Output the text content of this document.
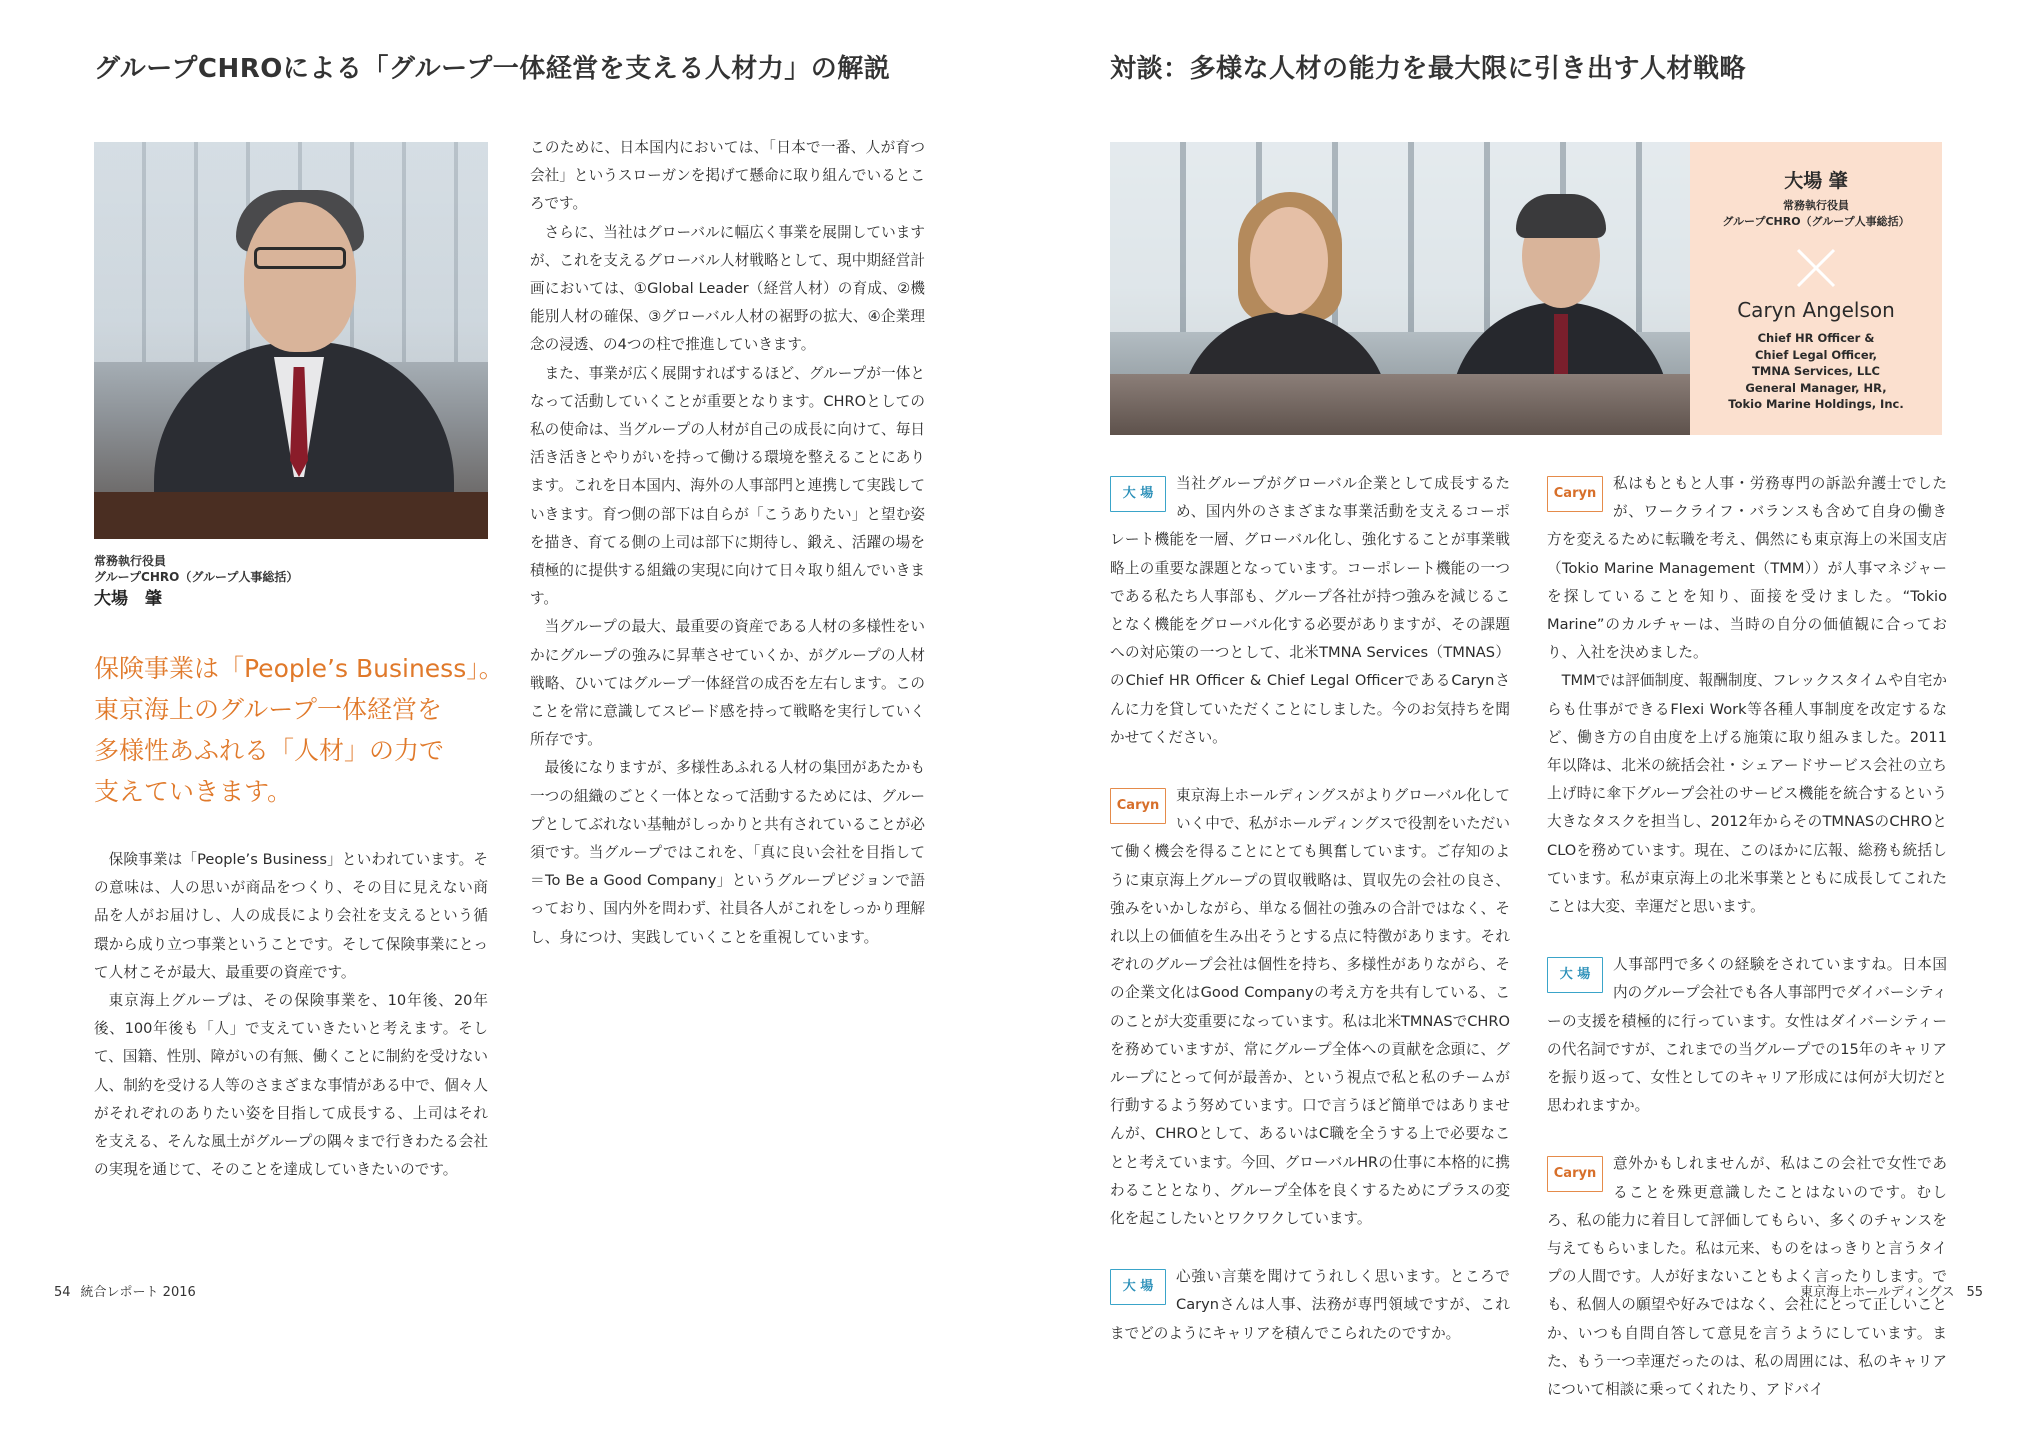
グループCHROによる「グループ一体経営を支える人材力」の解説
常務執行役員
グループCHRO（グループ人事総括）
大場　肇
保険事業は「People’s Business」。
東京海上のグループ一体経営を
多様性あふれる「人材」の力で
支えていきます。

保険事業は「People’s Business」といわれています。その意味は、人の思いが商品をつくり、その目に見えない商品を人がお届けし、人の成長により会社を支えるという循環から成り立つ事業ということです。そして保険事業にとって人材こそが最大、最重要の資産です。

東京海上グループは、その保険事業を、10年後、20年後、100年後も「人」で支えていきたいと考えます。そして、国籍、性別、障がいの有無、働くことに制約を受けない人、制約を受ける人等のさまざまな事情がある中で、個々人がそれぞれのありたい姿を目指して成長する、上司はそれを支える、そんな風土がグループの隅々まで行きわたる会社の実現を通じて、そのことを達成していきたいのです。

このために、日本国内においては、「日本で一番、人が育つ会社」というスローガンを掲げて懸命に取り組んでいるところです。

さらに、当社はグローバルに幅広く事業を展開していますが、これを支えるグローバル人材戦略として、現中期経営計画においては、①Global Leader（経営人材）の育成、②機能別人材の確保、③グローバル人材の裾野の拡大、④企業理念の浸透、の4つの柱で推進していきます。

また、事業が広く展開すればするほど、グループが一体となって活動していくことが重要となります。CHROとしての私の使命は、当グループの人材が自己の成長に向けて、毎日活き活きとやりがいを持って働ける環境を整えることにあります。これを日本国内、海外の人事部門と連携して実践していきます。育つ側の部下は自らが「こうありたい」と望む姿を描き、育てる側の上司は部下に期待し、鍛え、活躍の場を積極的に提供する組織の実現に向けて日々取り組んでいきます。

当グループの最大、最重要の資産である人材の多様性をいかにグループの強みに昇華させていくか、がグループの人材戦略、ひいてはグループ一体経営の成否を左右します。このことを常に意識してスピード感を持って戦略を実行していく所存です。

最後になりますが、多様性あふれる人材の集団があたかも一つの組織のごとく一体となって活動するためには、グループとしてぶれない基軸がしっかりと共有されていることが必須です。当グループではこれを、「真に良い会社を目指して＝To Be a Good Company」というグループビジョンで語っており、国内外を問わず、社員各人がこれをしっかり理解し、身につけ、実践していくことを重視しています。

54 統合レポート 2016
対談：多様な人材の能力を最大限に引き出す人材戦略
大場 肇
常務執行役員
グループCHRO（グループ人事総括）
Caryn Angelson
Chief HR Officer &
Chief Legal Officer,
TMNA Services, LLC
General Manager, HR,
Tokio Marine Holdings, Inc.
大 場

当社グループがグローバル企業として成長するため、国内外のさまざまな事業活動を支えるコーポレート機能を一層、グローバル化し、強化することが事業戦略上の重要な課題となっています。コーポレート機能の一つである私たち人事部も、グループ各社が持つ強みを減じることなく機能をグローバル化する必要がありますが、その課題への対応策の一つとして、北米TMNA Services（TMNAS）のChief HR Officer & Chief Legal OfficerであるCarynさんに力を貸していただくことにしました。今のお気持ちを聞かせてください。

Caryn

東京海上ホールディングスがよりグローバル化していく中で、私がホールディングスで役割をいただいて働く機会を得ることにとても興奮しています。ご存知のように東京海上グループの買収戦略は、買収先の会社の良さ、強みをいかしながら、単なる個社の強みの合計ではなく、それ以上の価値を生み出そうとする点に特徴があります。それぞれのグループ会社は個性を持ち、多様性がありながら、その企業文化はGood Companyの考え方を共有している、このことが大変重要になっています。私は北米TMNASでCHROを務めていますが、常にグループ全体への貢献を念頭に、グループにとって何が最善か、という視点で私と私のチームが行動するよう努めています。口で言うほど簡単ではありませんが、CHROとして、あるいはC職を全うする上で必要なことと考えています。今回、グローバルHRの仕事に本格的に携わることとなり、グループ全体を良くするためにプラスの変化を起こしたいとワクワクしています。

大 場

心強い言葉を聞けてうれしく思います。ところでCarynさんは人事、法務が専門領域ですが、これまでどのようにキャリアを積んでこられたのですか。

Caryn

私はもともと人事・労務専門の訴訟弁護士でしたが、ワークライフ・バランスも含めて自身の働き方を変えるために転職を考え、偶然にも東京海上の米国支店（Tokio Marine Management（TMM））が人事マネジャーを探していることを知り、面接を受けました。“Tokio Marine”のカルチャーは、当時の自分の価値観に合っており、入社を決めました。

TMMでは評価制度、報酬制度、フレックスタイムや自宅からも仕事ができるFlexi Work等各種人事制度を改定するなど、働き方の自由度を上げる施策に取り組みました。2011年以降は、北米の統括会社・シェアードサービス会社の立ち上げ時に傘下グループ会社のサービス機能を統合するという大きなタスクを担当し、2012年からそのTMNASのCHROとCLOを務めています。現在、このほかに広報、総務も統括しています。私が東京海上の北米事業とともに成長してこれたことは大変、幸運だと思います。

大 場

人事部門で多くの経験をされていますね。日本国内のグループ会社でも各人事部門でダイバーシティーの支援を積極的に行っています。女性はダイバーシティーの代名詞ですが、これまでの当グループでの15年のキャリアを振り返って、女性としてのキャリア形成には何が大切だと思われますか。

Caryn

意外かもしれませんが、私はこの会社で女性であることを殊更意識したことはないのです。むしろ、私の能力に着目して評価してもらい、多くのチャンスを与えてもらいました。私は元来、ものをはっきりと言うタイプの人間です。人が好まないこともよく言ったりします。でも、私個人の願望や好みではなく、会社にとって正しいことか、いつも自問自答して意見を言うようにしています。また、もう一つ幸運だったのは、私の周囲には、私のキャリアについて相談に乗ってくれたり、アドバイ

東京海上ホールディングス 55
